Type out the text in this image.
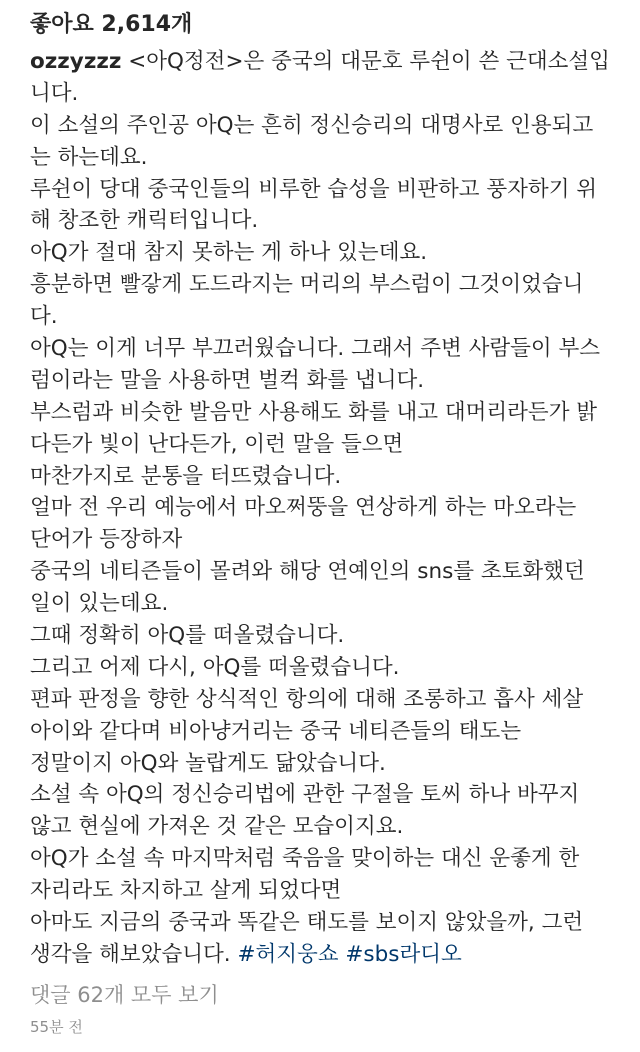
좋아요 2,614개
ozzyzzz <아Q정전>은 중국의 대문호 루쉰이 쓴 근대소설입
니다.
이 소설의 주인공 아Q는 흔히 정신승리의 대명사로 인용되고
는 하는데요.
루쉰이 당대 중국인들의 비루한 습성을 비판하고 풍자하기 위
해 창조한 캐릭터입니다.
아Q가 절대 참지 못하는 게 하나 있는데요.
흥분하면 빨갛게 도드라지는 머리의 부스럼이 그것이었습니
다.
아Q는 이게 너무 부끄러웠습니다. 그래서 주변 사람들이 부스
럼이라는 말을 사용하면 벌컥 화를 냅니다.
부스럼과 비슷한 발음만 사용해도 화를 내고 대머리라든가 밝
다든가 빛이 난다든가, 이런 말을 들으면
마찬가지로 분통을 터뜨렸습니다.
얼마 전 우리 예능에서 마오쩌뚱을 연상하게 하는 마오라는
단어가 등장하자
중국의 네티즌들이 몰려와 해당 연예인의 sns를 초토화했던
일이 있는데요.
그때 정확히 아Q를 떠올렸습니다.
그리고 어제 다시, 아Q를 떠올렸습니다.
편파 판정을 향한 상식적인 항의에 대해 조롱하고 흡사 세살
아이와 같다며 비아냥거리는 중국 네티즌들의 태도는
정말이지 아Q와 놀랍게도 닮았습니다.
소설 속 아Q의 정신승리법에 관한 구절을 토씨 하나 바꾸지
않고 현실에 가져온 것 같은 모습이지요.
아Q가 소설 속 마지막처럼 죽음을 맞이하는 대신 운좋게 한
자리라도 차지하고 살게 되었다면
아마도 지금의 중국과 똑같은 태도를 보이지 않았을까, 그런
생각을 해보았습니다. #허지웅쇼 #sbs라디오
댓글 62개 모두 보기
55분 전
